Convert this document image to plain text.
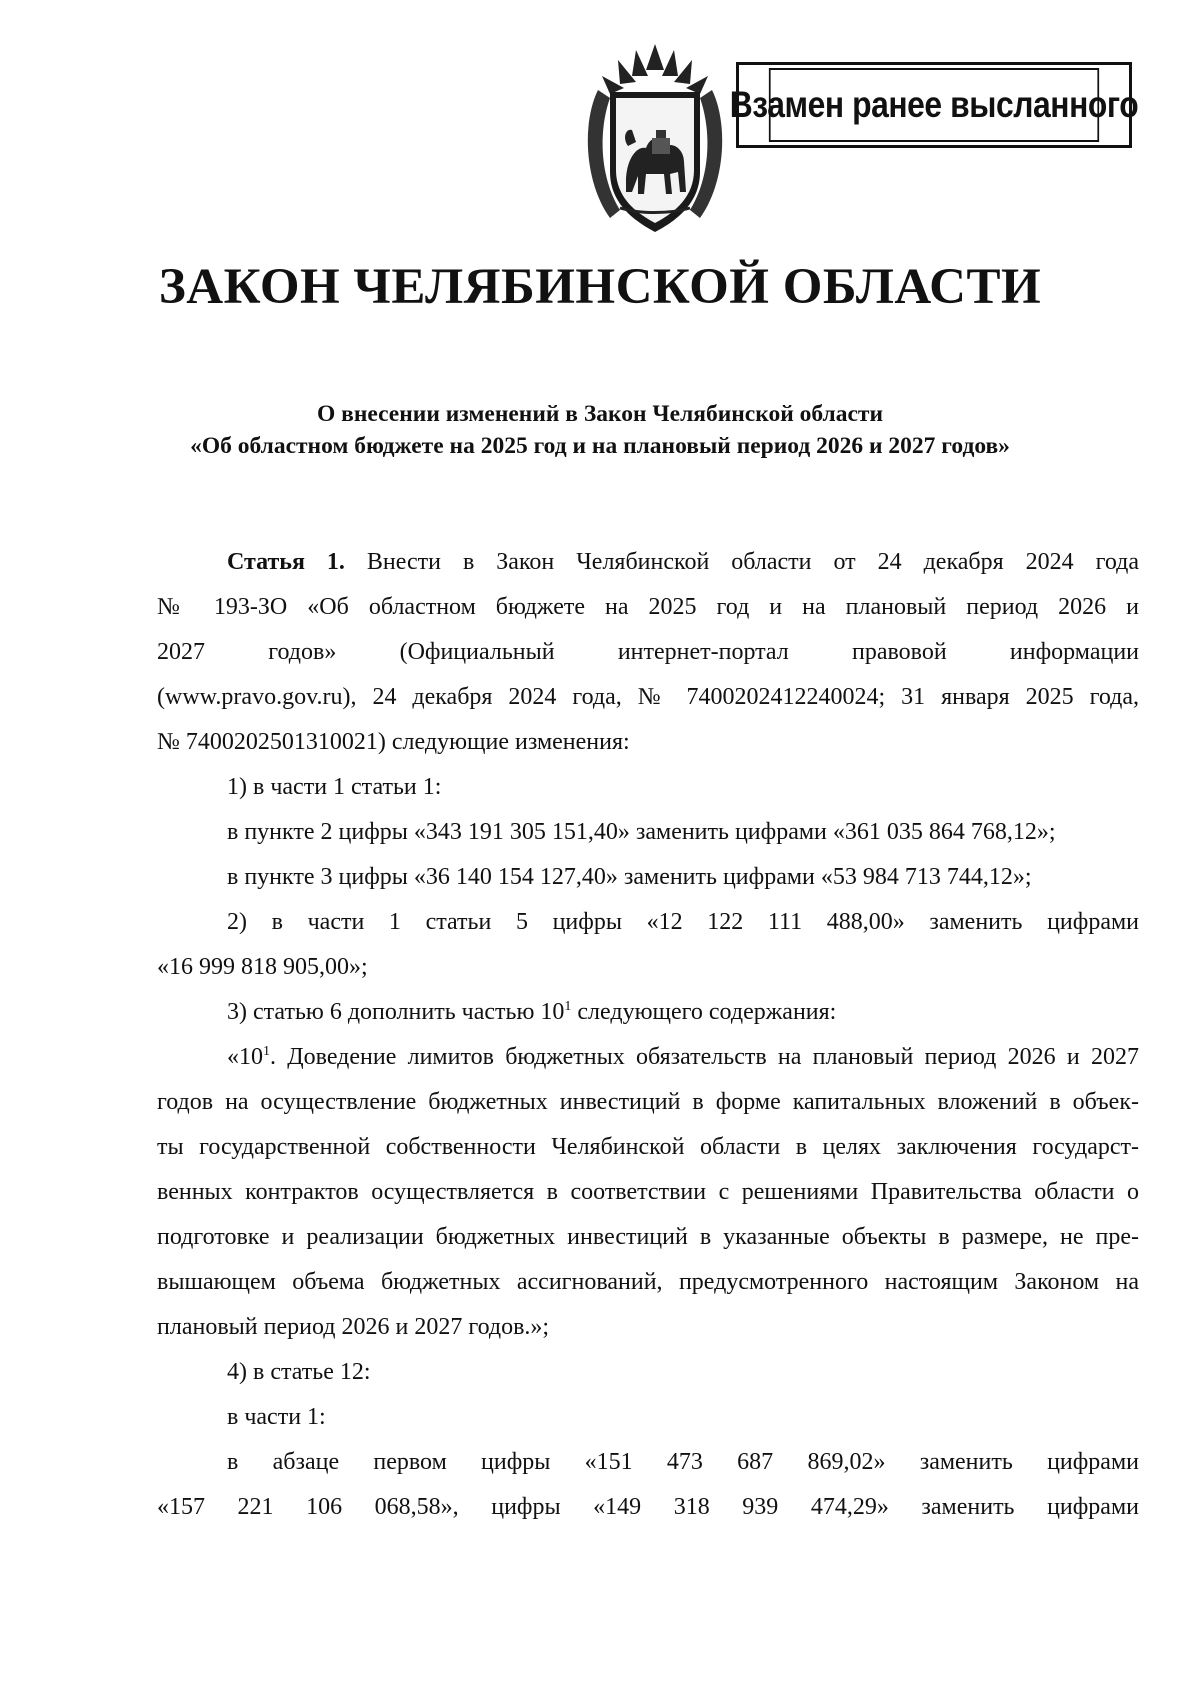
Взамен ранее высланного
ЗАКОН ЧЕЛЯБИНСКОЙ ОБЛАСТИ
О внесении изменений в Закон Челябинской области
«Об областном бюджете на 2025 год и на плановый период 2026 и 2027 годов»
Статья 1. Внести в Закон Челябинской области от 24 декабря 2024 года
№ 193-ЗО «Об областном бюджете на 2025 год и на плановый период 2026 и
2027 годов» (Официальный интернет-портал правовой информации
(www.pravo.gov.ru), 24 декабря 2024 года, № 7400202412240024; 31 января 2025 года,
№ 7400202501310021) следующие изменения:
1) в части 1 статьи 1:
в пункте 2 цифры «343 191 305 151,40» заменить цифрами «361 035 864 768,12»;
в пункте 3 цифры «36 140 154 127,40» заменить цифрами «53 984 713 744,12»;
2) в части 1 статьи 5 цифры «12 122 111 488,00» заменить цифрами
«16 999 818 905,00»;
3) статью 6 дополнить частью $10^1$ следующего содержания:
«$10^1$. Доведение лимитов бюджетных обязательств на плановый период 2026 и 2027
годов на осуществление бюджетных инвестиций в форме капитальных вложений в объек-
ты государственной собственности Челябинской области в целях заключения государст-
венных контрактов осуществляется в соответствии с решениями Правительства области о
подготовке и реализации бюджетных инвестиций в указанные объекты в размере, не пре-
вышающем объема бюджетных ассигнований, предусмотренного настоящим Законом на
плановый период 2026 и 2027 годов.»;
4) в статье 12:
в части 1:
в абзаце первом цифры «151 473 687 869,02» заменить цифрами
«157 221 106 068,58», цифры «149 318 939 474,29» заменить цифрами
